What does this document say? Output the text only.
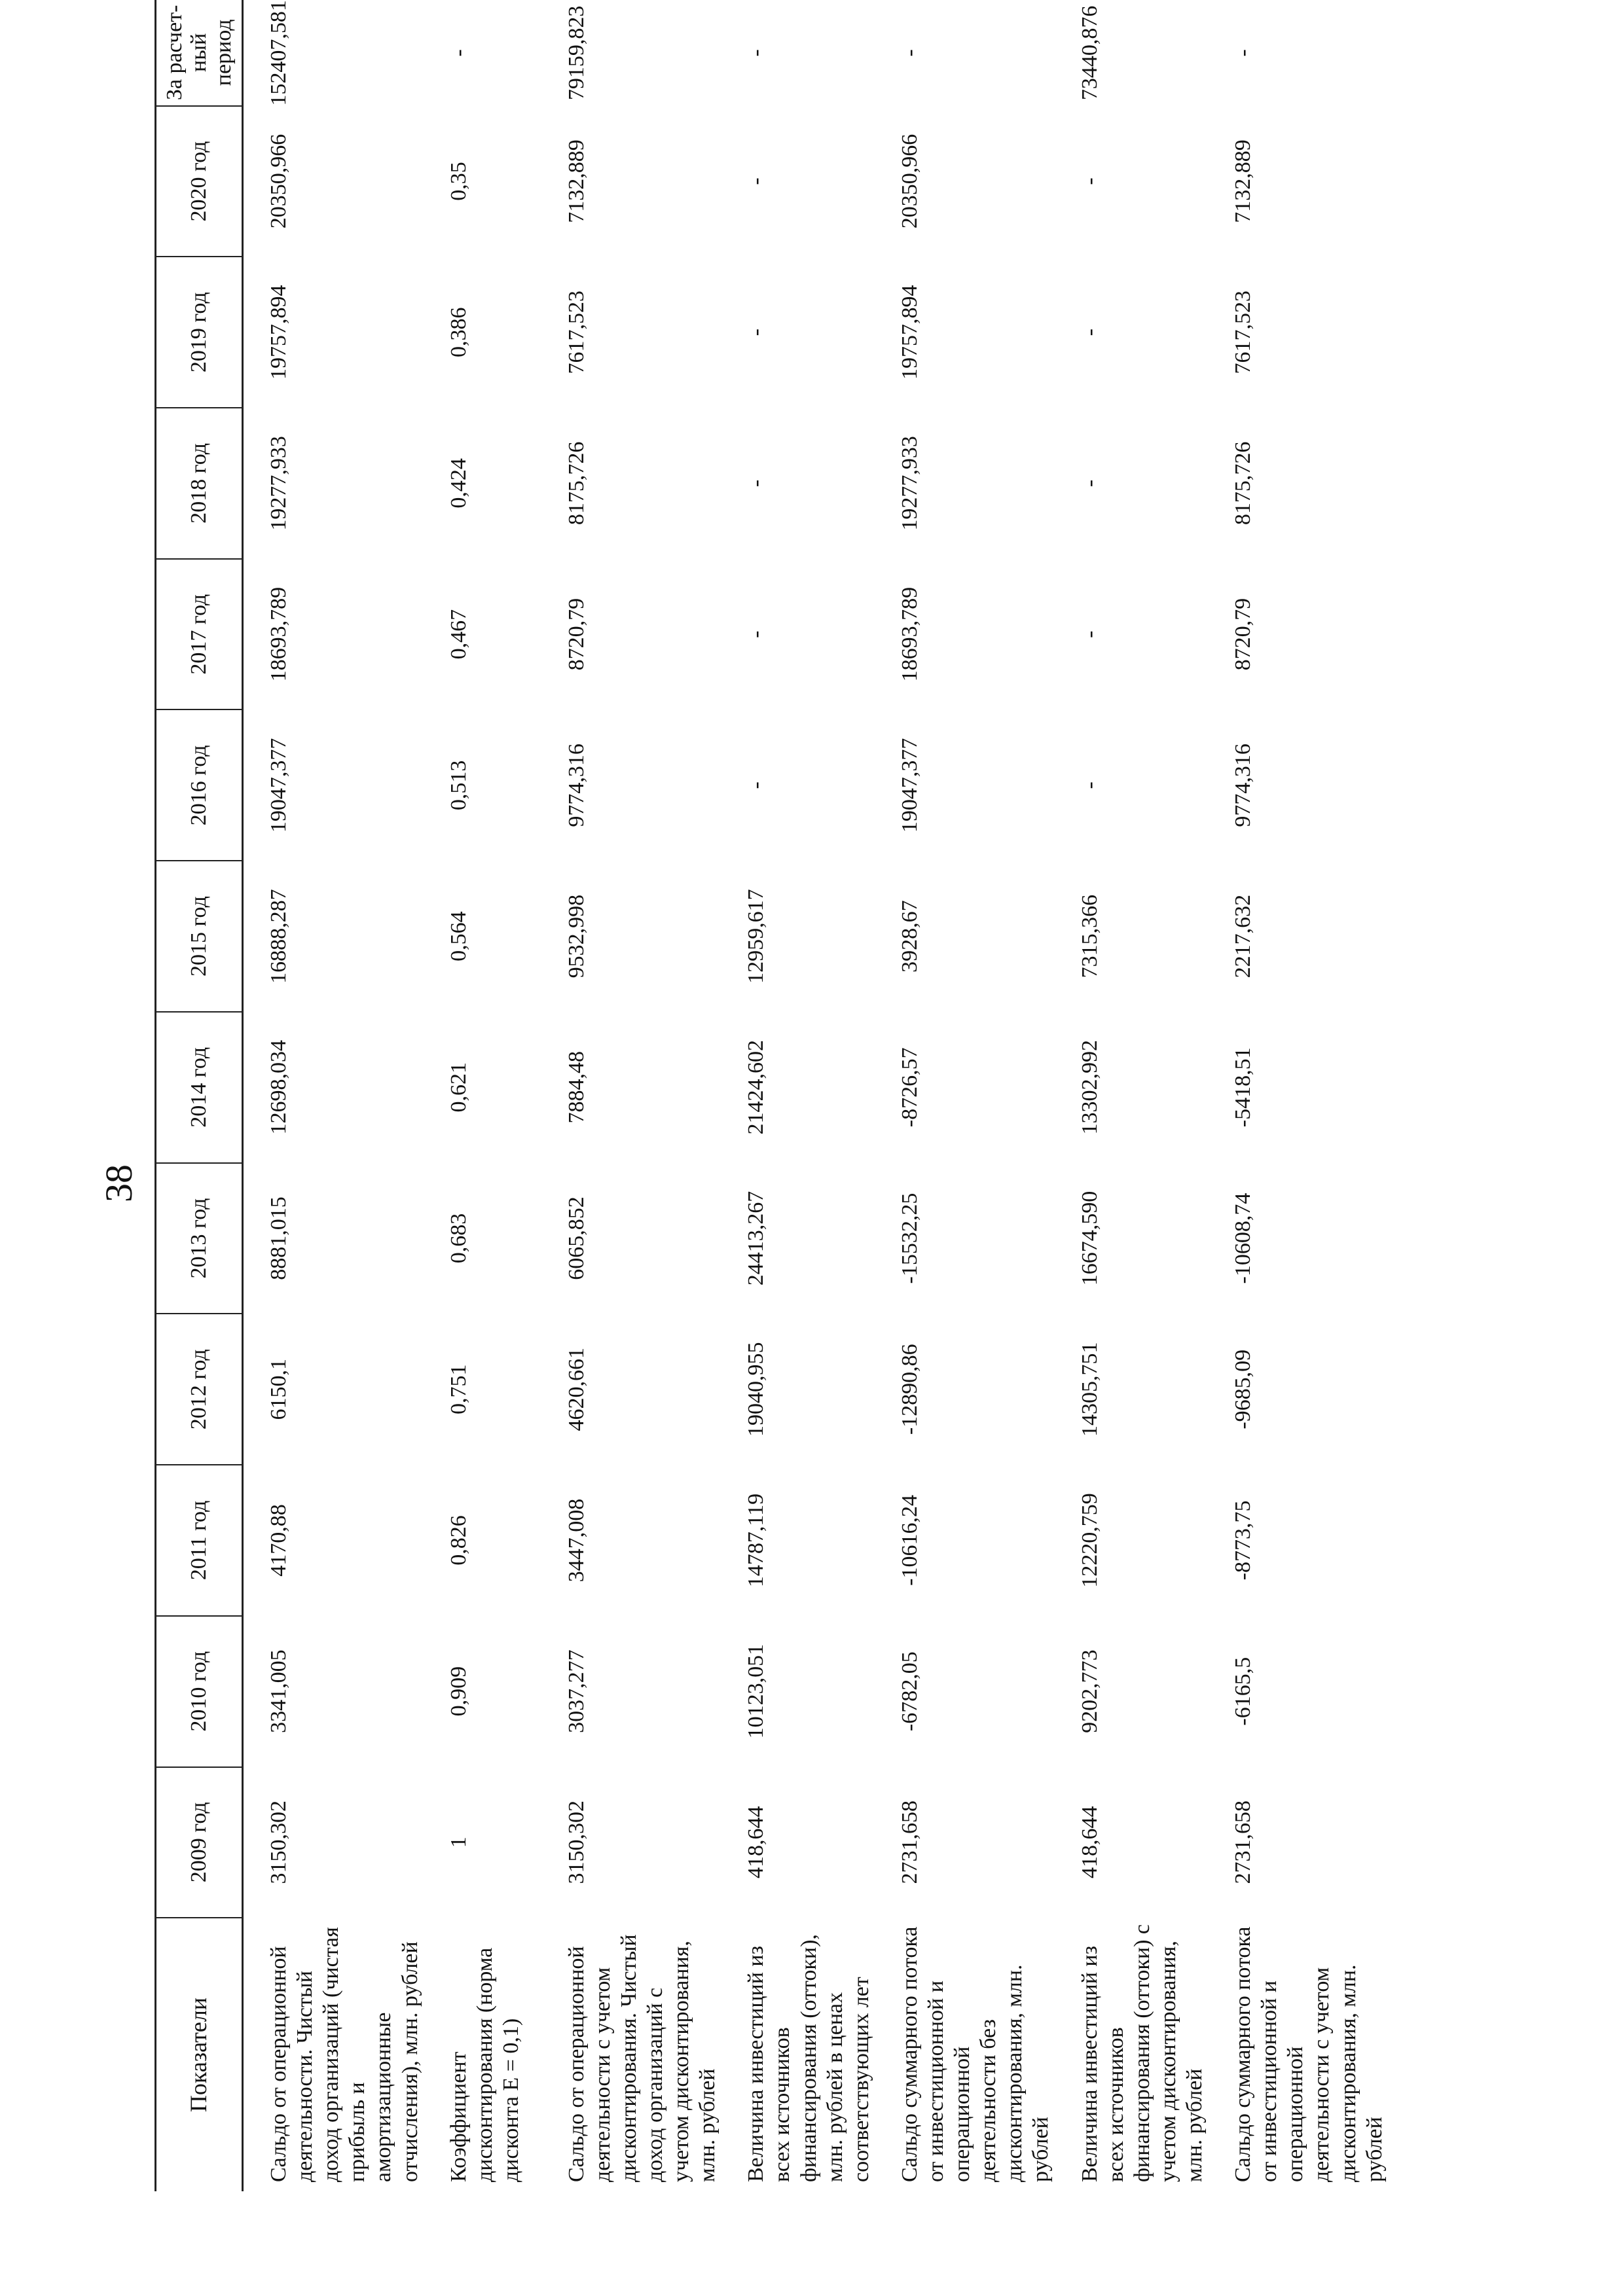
38
Показатели	2009 год	2010 год	2011 год	2012 год	2013 год	2014 год	2015 год	2016 год	2017 год	2018 год	2019 год	2020 год	За расчет-ный период
Сальдо от операционной деятельности. Чистый доход организаций (чистая прибыль и амортизационные отчисления), млн. рублей	3150,302	3341,005	4170,88	6150,1	8881,015	12698,034	16888,287	19047,377	18693,789	19277,933	19757,894	20350,966	152407,581
Коэффициент дисконтирования (норма дисконта E = 0,1)	1	0,909	0,826	0,751	0,683	0,621	0,564	0,513	0,467	0,424	0,386	0,35	-
Сальдо от операционной деятельности с учетом дисконтирования. Чистый доход организаций с учетом дисконтирования, млн. рублей	3150,302	3037,277	3447,008	4620,661	6065,852	7884,48	9532,998	9774,316	8720,79	8175,726	7617,523	7132,889	79159,823
Величина инвестиций из всех источников финансирования (оттоки), млн. рублей в ценах соответствующих лет	418,644	10123,051	14787,119	19040,955	24413,267	21424,602	12959,617	-	-	-	-	-	-
Сальдо суммарного потока от инвестиционной и операционной деятельности без дисконтирования, млн. рублей	2731,658	-6782,05	-10616,24	-12890,86	-15532,25	-8726,57	3928,67	19047,377	18693,789	19277,933	19757,894	20350,966	-
Величина инвестиций из всех источников финансирования (оттоки) с учетом дисконтирования, млн. рублей	418,644	9202,773	12220,759	14305,751	16674,590	13302,992	7315,366	-	-	-	-	-	73440,876
Сальдо суммарного потока от инвестиционной и операционной деятельности с учетом дисконтирования, млн. рублей	2731,658	-6165,5	-8773,75	-9685,09	-10608,74	-5418,51	2217,632	9774,316	8720,79	8175,726	7617,523	7132,889	-
